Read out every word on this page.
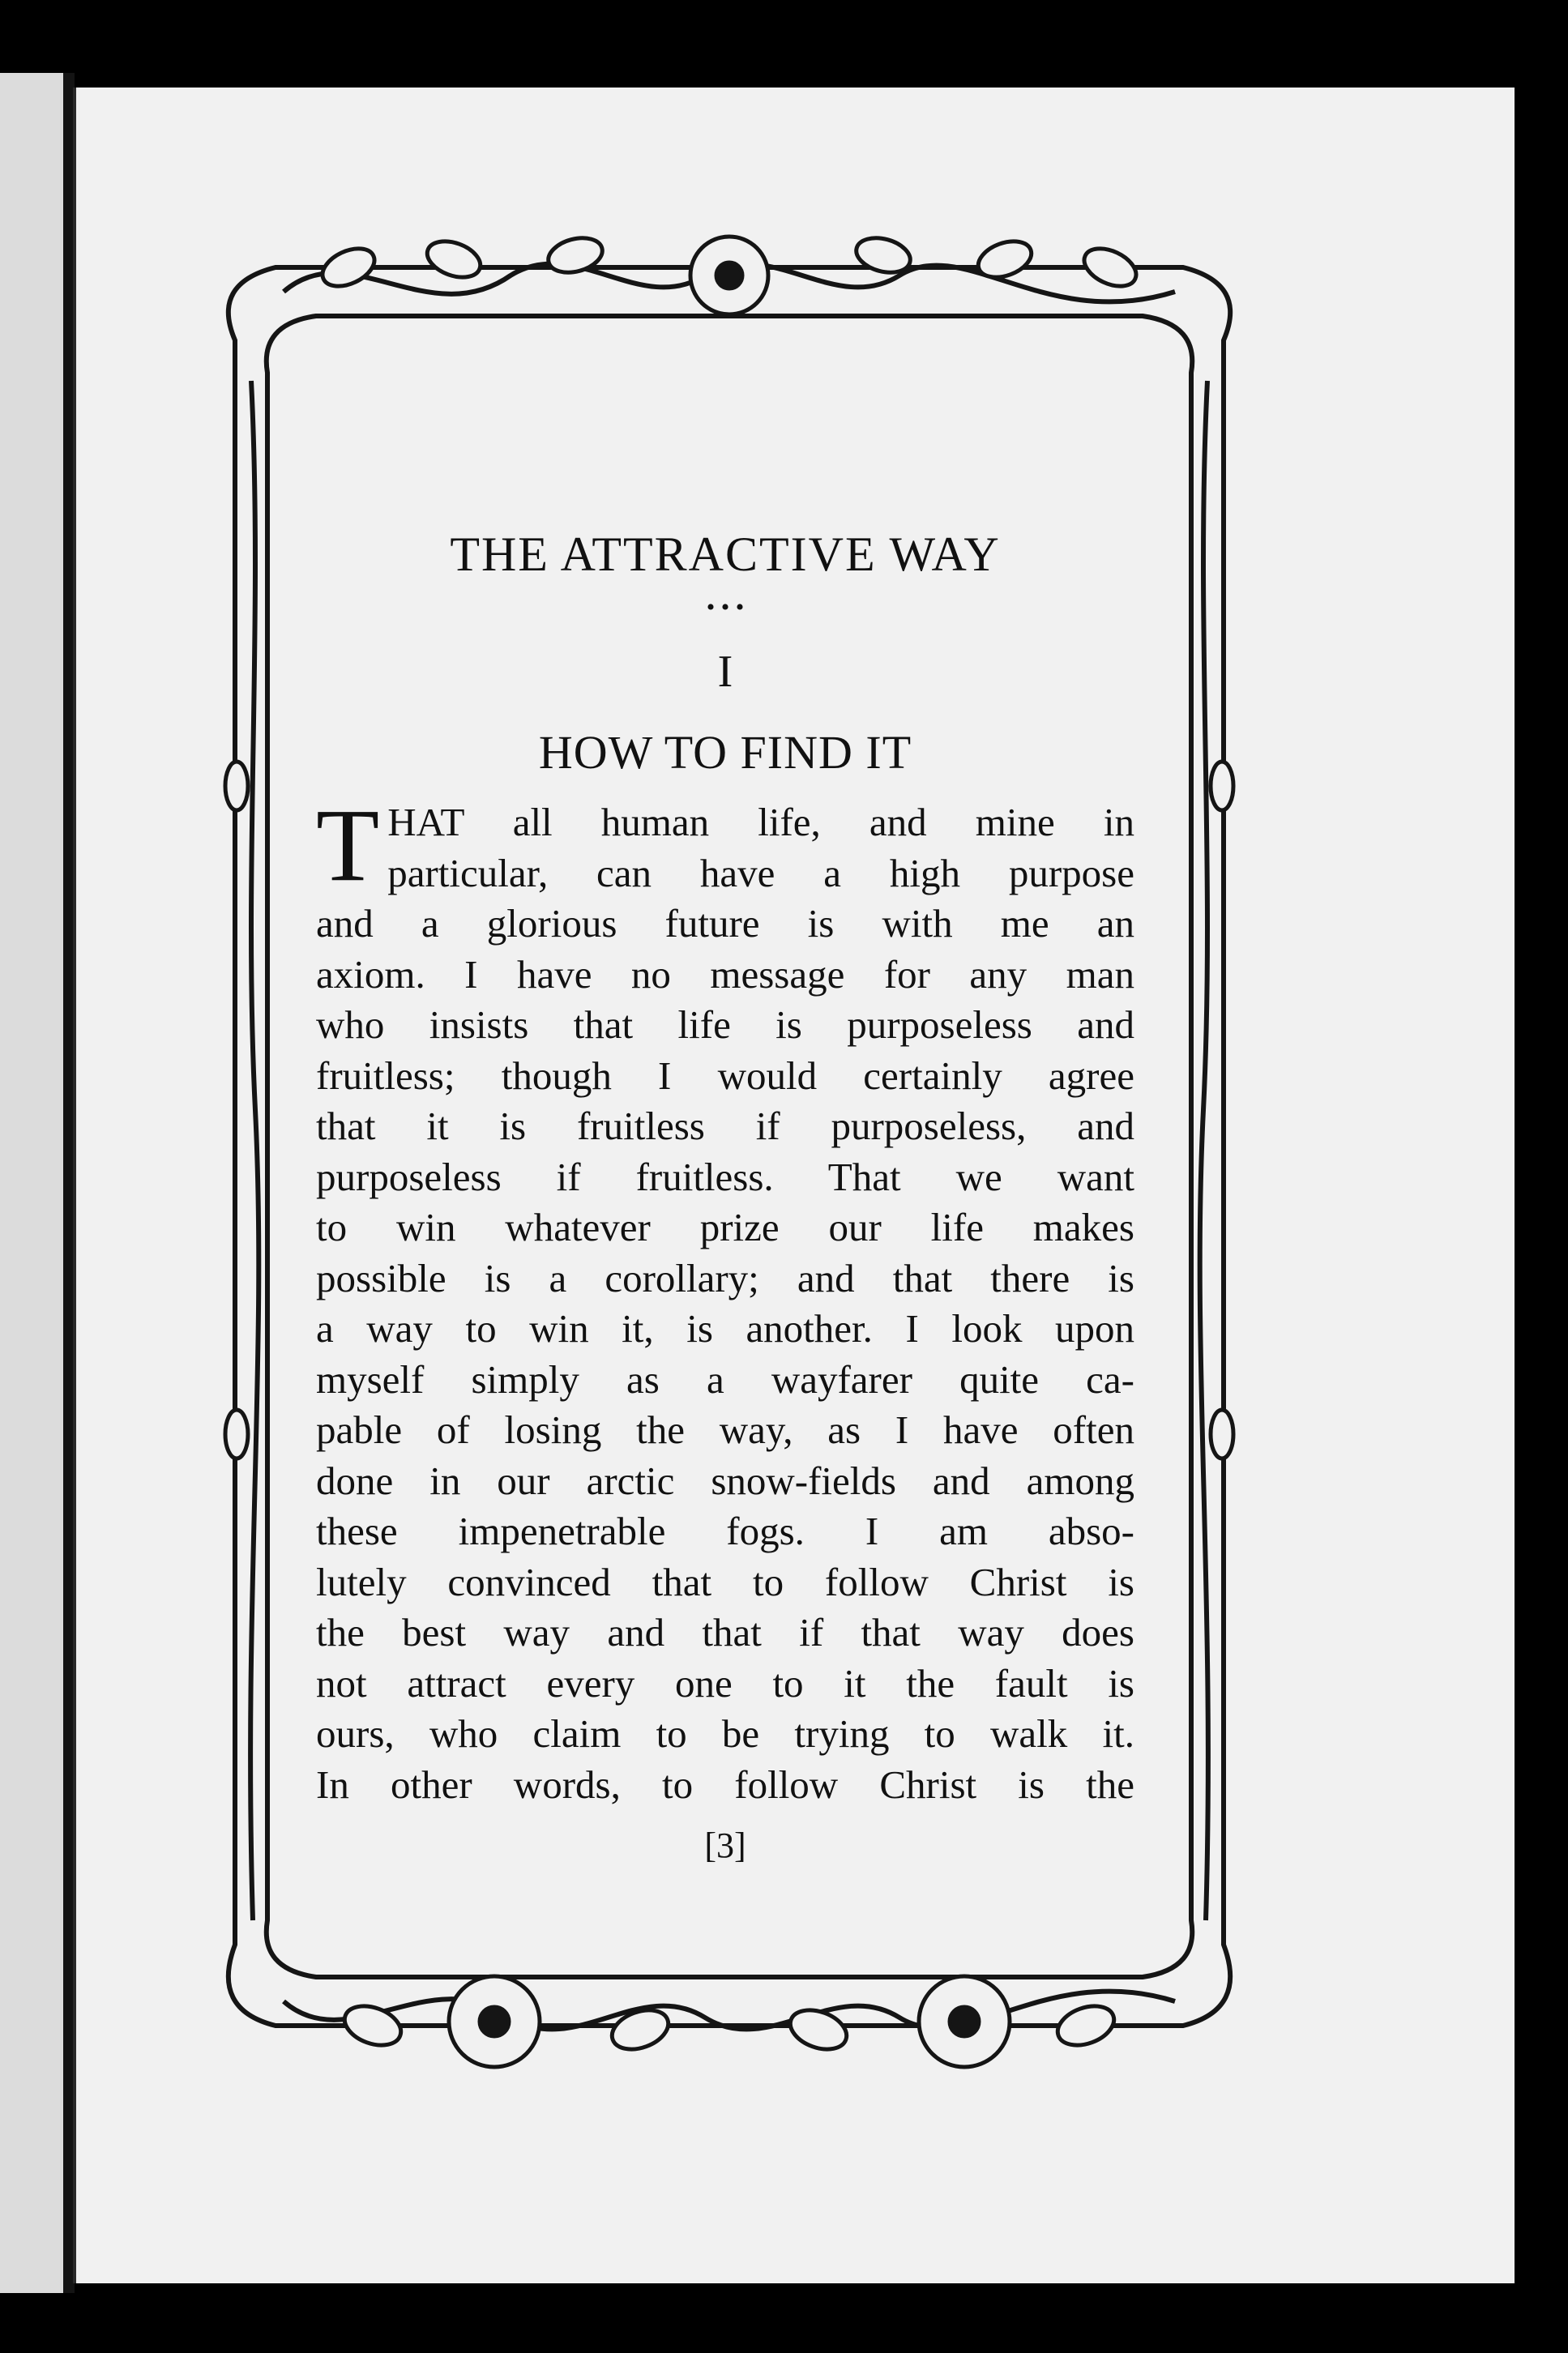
THE ATTRACTIVE WAY
• • •
I
HOW TO FIND IT
T HAT all human life, and mine in
particular, can have a high purpose
and a glorious future is with me an
axiom. I have no message for any man
who insists that life is purposeless and
fruitless; though I would certainly agree
that it is fruitless if purposeless, and
purposeless if fruitless. That we want
to win whatever prize our life makes
possible is a corollary; and that there is
a way to win it, is another. I look upon
myself simply as a wayfarer quite ca-
pable of losing the way, as I have often
done in our arctic snow-fields and among
these impenetrable fogs. I am abso-
lutely convinced that to follow Christ is
the best way and that if that way does
not attract every one to it the fault is
ours, who claim to be trying to walk it.
In other words, to follow Christ is the
[3]
